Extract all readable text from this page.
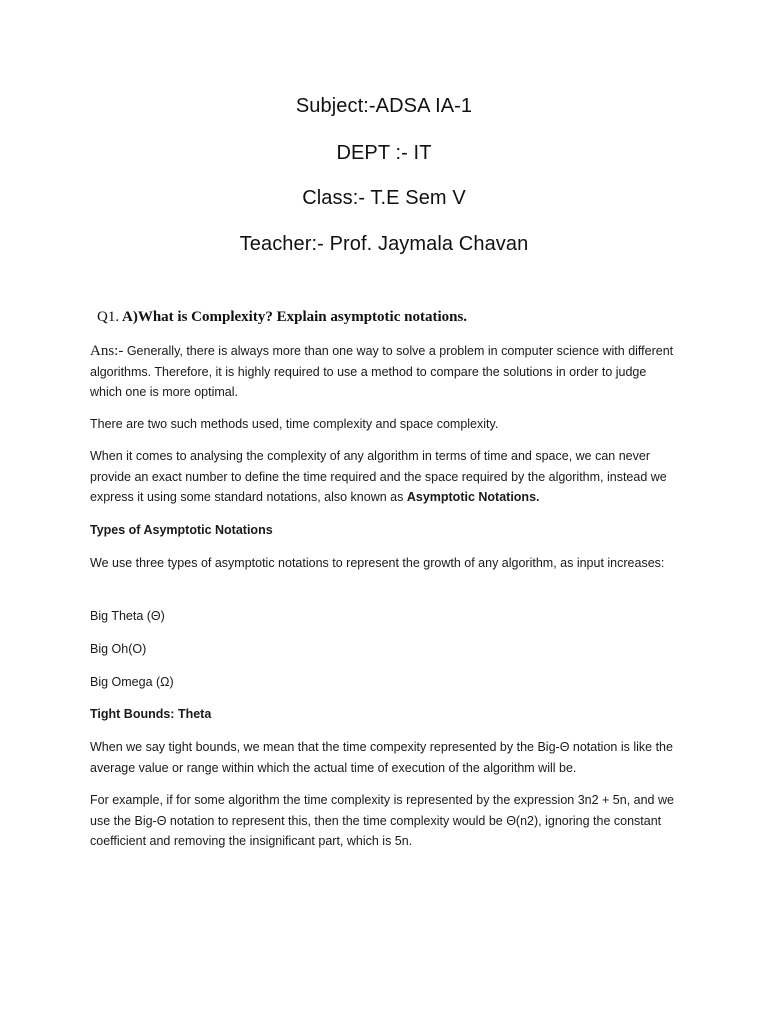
Subject:-ADSA IA-1
DEPT :- IT
Class:- T.E Sem V
Teacher:- Prof. Jaymala Chavan

Q1. A)What is Complexity? Explain asymptotic notations.

Ans:- Generally, there is always more than one way to solve a problem in computer science with different algorithms. Therefore, it is highly required to use a method to compare the solutions in order to judge which one is more optimal.

There are two such methods used, time complexity and space complexity.

When it comes to analysing the complexity of any algorithm in terms of time and space, we can never provide an exact number to define the time required and the space required by the algorithm, instead we express it using some standard notations, also known as Asymptotic Notations.

Types of Asymptotic Notations

We use three types of asymptotic notations to represent the growth of any algorithm, as input increases:

Big Theta (Θ)

Big Oh(O)

Big Omega (Ω)

Tight Bounds: Theta

When we say tight bounds, we mean that the time compexity represented by the Big-Θ notation is like the average value or range within which the actual time of execution of the algorithm will be.

For example, if for some algorithm the time complexity is represented by the expression 3n2 + 5n, and we use the Big-Θ notation to represent this, then the time complexity would be Θ(n2), ignoring the constant coefficient and removing the insignificant part, which is 5n.
